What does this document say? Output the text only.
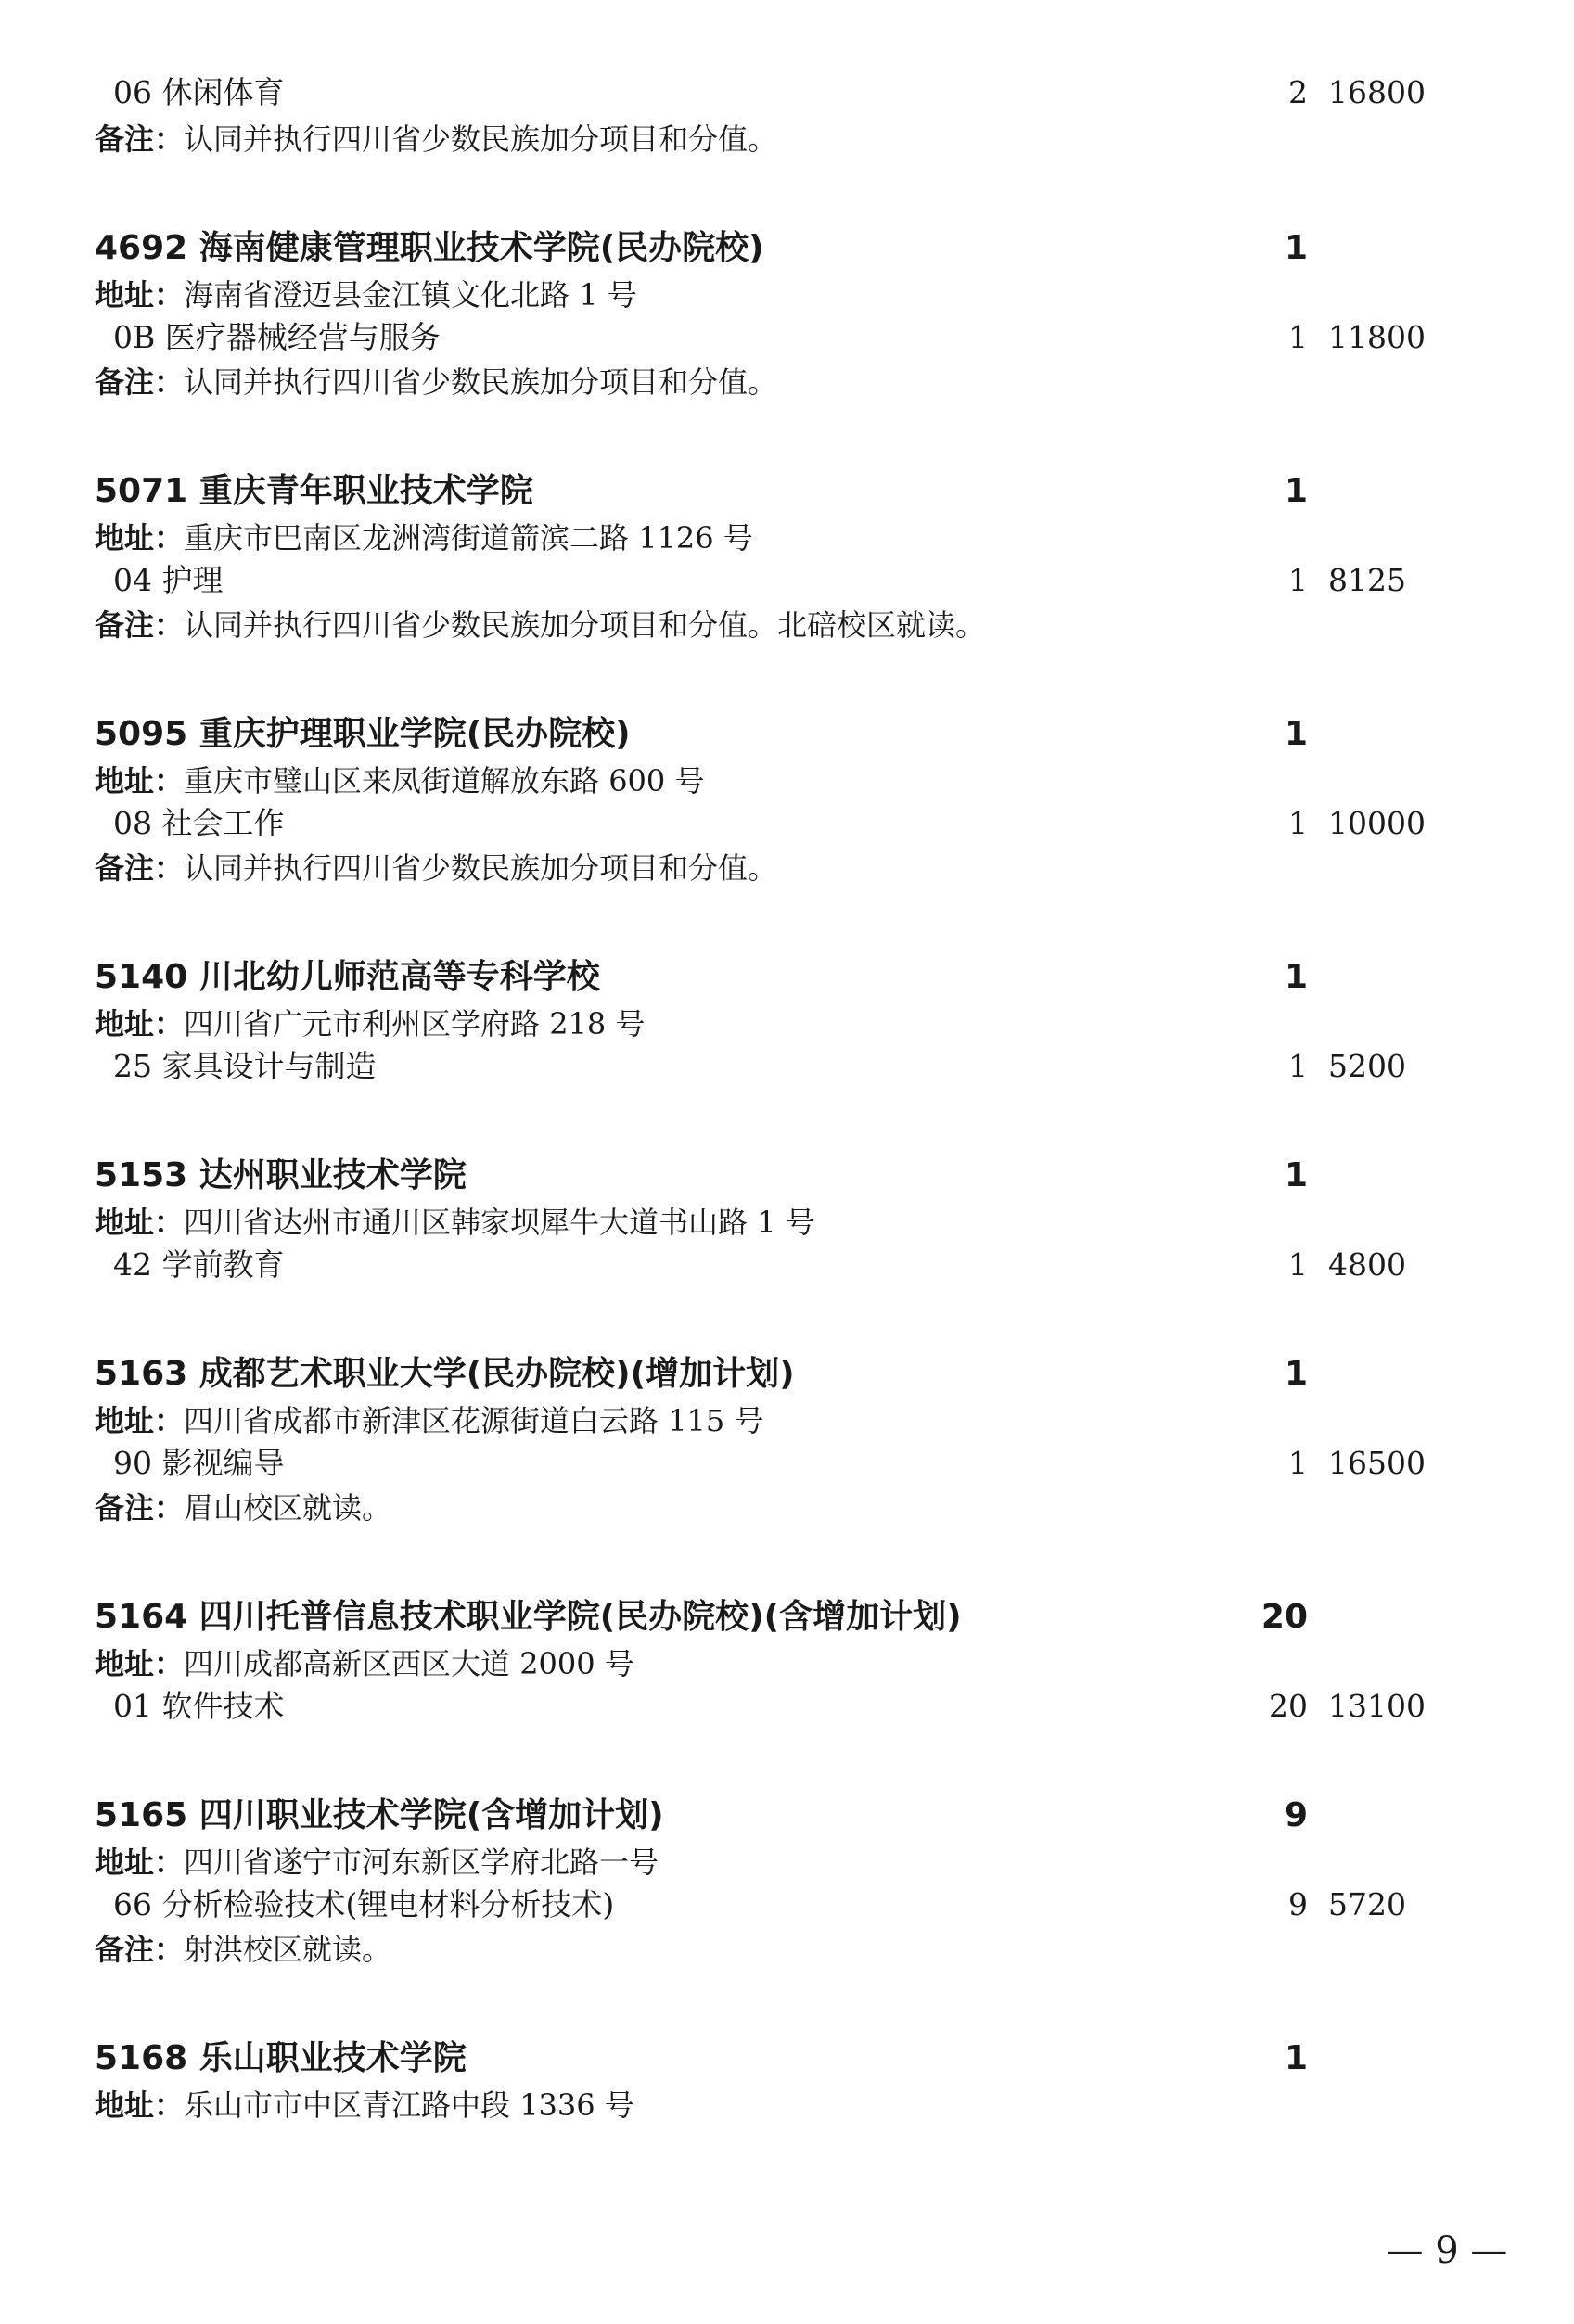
06 休闲体育	2 16800
备注：认同并执行四川省少数民族加分项目和分值。
4692 海南健康管理职业技术学院(民办院校)	1
地址：海南省澄迈县金江镇文化北路 1 号
0B 医疗器械经营与服务	1 11800
备注：认同并执行四川省少数民族加分项目和分值。
5071 重庆青年职业技术学院	1
地址：重庆市巴南区龙洲湾街道箭滨二路 1126 号
04 护理	1 8125
备注：认同并执行四川省少数民族加分项目和分值。北碚校区就读。
5095 重庆护理职业学院(民办院校)	1
地址：重庆市璧山区来凤街道解放东路 600 号
08 社会工作	1 10000
备注：认同并执行四川省少数民族加分项目和分值。
5140 川北幼儿师范高等专科学校	1
地址：四川省广元市利州区学府路 218 号
25 家具设计与制造	1 5200
5153 达州职业技术学院	1
地址：四川省达州市通川区韩家坝犀牛大道书山路 1 号
42 学前教育	1 4800
5163 成都艺术职业大学(民办院校)(增加计划)	1
地址：四川省成都市新津区花源街道白云路 115 号
90 影视编导	1 16500
备注：眉山校区就读。
5164 四川托普信息技术职业学院(民办院校)(含增加计划)	20
地址：四川成都高新区西区大道 2000 号
01 软件技术	20 13100
5165 四川职业技术学院(含增加计划)	9
地址：四川省遂宁市河东新区学府北路一号
66 分析检验技术(锂电材料分析技术)	9 5720
备注：射洪校区就读。
5168 乐山职业技术学院	1
地址：乐山市市中区青江路中段 1336 号
— 9 —
